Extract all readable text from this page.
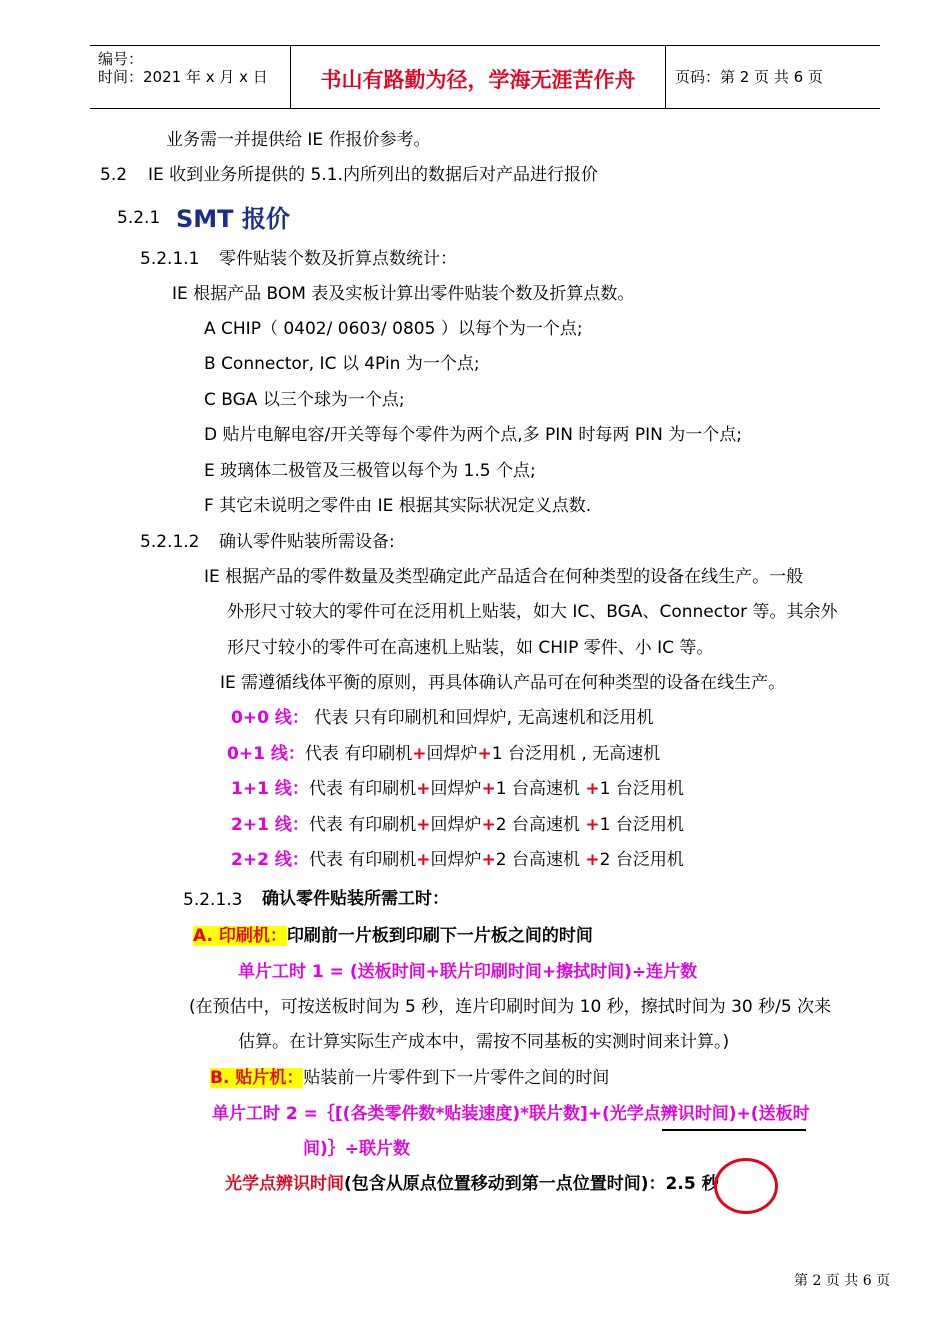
编号：
时间：2021 年 x 月 x 日	书山有路勤为径，学海无涯苦作舟	页码：第 2 页 共 6 页
业务需一并提供给 IE 作报价参考。
5.2 IE 收到业务所提供的 5.1.内所列出的数据后对产品进行报价
5.2.1 SMT 报价
5.2.1.1 零件贴装个数及折算点数统计：
IE 根据产品 BOM 表及实板计算出零件贴装个数及折算点数。
A CHIP（ 0402/ 0603/ 0805 ）以每个为一个点;
B Connector, IC 以 4Pin 为一个点;
C BGA 以三个球为一个点;
D 贴片电解电容/开关等每个零件为两个点,多 PIN 时每两 PIN 为一个点;
E 玻璃体二极管及三极管以每个为 1.5 个点;
F 其它未说明之零件由 IE 根据其实际状况定义点数.
5.2.1.2 确认零件贴装所需设备:
IE 根据产品的零件数量及类型确定此产品适合在何种类型的设备在线生产。一般
外形尺寸较大的零件可在泛用机上贴装，如大 IC、BGA、Connector 等。其余外
形尺寸较小的零件可在高速机上贴装，如 CHIP 零件、小 IC 等。
IE 需遵循线体平衡的原则，再具体确认产品可在何种类型的设备在线生产。
0+0 线： 代表 只有印刷机和回焊炉, 无高速机和泛用机
0+1 线：代表 有印刷机+回焊炉+1 台泛用机 , 无高速机
1+1 线：代表 有印刷机+回焊炉+1 台高速机 +1 台泛用机
2+1 线：代表 有印刷机+回焊炉+2 台高速机 +1 台泛用机
2+2 线：代表 有印刷机+回焊炉+2 台高速机 +2 台泛用机
5.2.1.3 确认零件贴装所需工时：
A. 印刷机：印刷前一片板到印刷下一片板之间的时间
单片工时 1 = (送板时间+联片印刷时间+擦拭时间)÷连片数
(在预估中，可按送板时间为 5 秒，连片印刷时间为 10 秒，擦拭时间为 30 秒/5 次来
估算。在计算实际生产成本中，需按不同基板的实测时间来计算。)
B. 贴片机：贴装前一片零件到下一片零件之间的时间
单片工时 2 =｛[(各类零件数*贴装速度)*联片数]+(光学点辨识时间)+(送板时
间)｝÷联片数
光学点辨识时间(包含从原点位置移动到第一点位置时间)：2.5 秒
第 2 页 共 6 页
